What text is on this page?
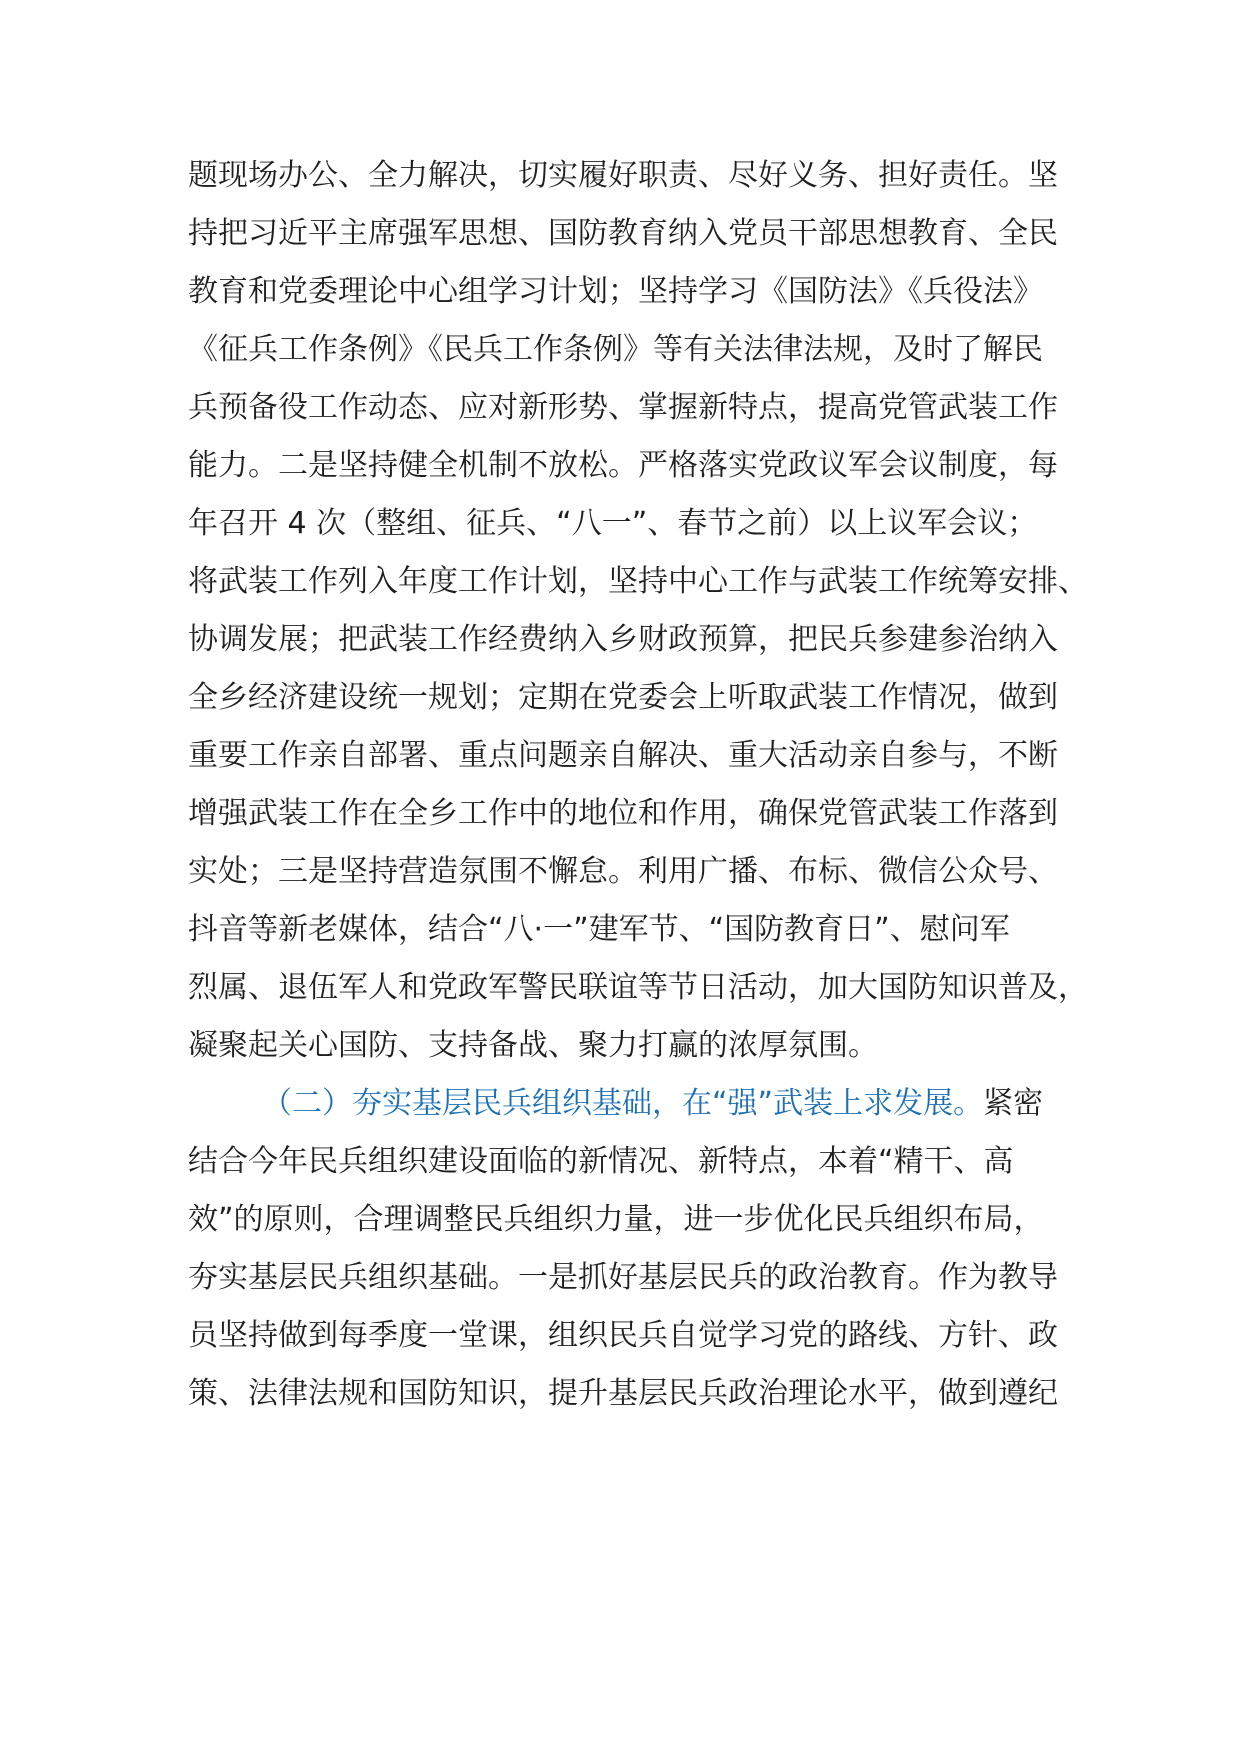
题现场办公、全力解决，切实履好职责、尽好义务、担好责任。坚
持把习近平主席强军思想、国防教育纳入党员干部思想教育、全民
教育和党委理论中心组学习计划；坚持学习《国防法》《兵役法》
《征兵工作条例》《民兵工作条例》等有关法律法规，及时了解民
兵预备役工作动态、应对新形势、掌握新特点，提高党管武装工作
能力。二是坚持健全机制不放松。严格落实党政议军会议制度，每
年召开 4 次（整组、征兵、“八一”、春节之前）以上议军会议；
将武装工作列入年度工作计划，坚持中心工作与武装工作统筹安排、
协调发展；把武装工作经费纳入乡财政预算，把民兵参建参治纳入
全乡经济建设统一规划；定期在党委会上听取武装工作情况，做到
重要工作亲自部署、重点问题亲自解决、重大活动亲自参与，不断
增强武装工作在全乡工作中的地位和作用，确保党管武装工作落到
实处；三是坚持营造氛围不懈怠。利用广播、布标、微信公众号、
抖音等新老媒体，结合“八·一”建军节、“国防教育日”、慰问军
烈属、退伍军人和党政军警民联谊等节日活动，加大国防知识普及，
凝聚起关心国防、支持备战、聚力打赢的浓厚氛围。
（二）夯实基层民兵组织基础，在“强”武装上求发展。紧密
结合今年民兵组织建设面临的新情况、新特点，本着“精干、高
效”的原则，合理调整民兵组织力量，进一步优化民兵组织布局，
夯实基层民兵组织基础。一是抓好基层民兵的政治教育。作为教导
员坚持做到每季度一堂课，组织民兵自觉学习党的路线、方针、政
策、法律法规和国防知识，提升基层民兵政治理论水平，做到遵纪
